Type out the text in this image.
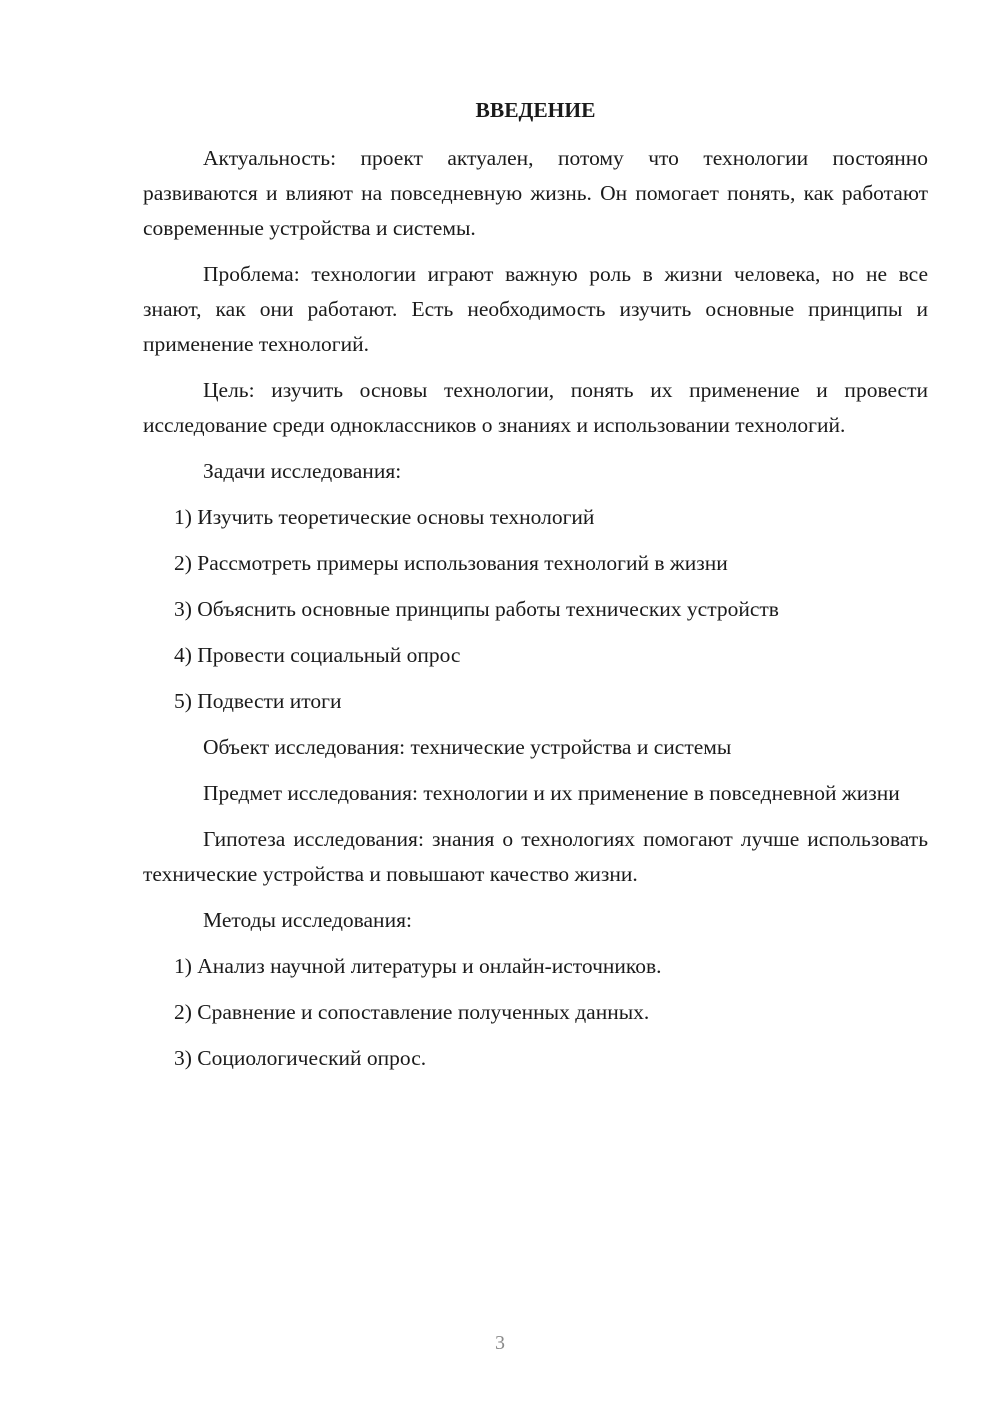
ВВЕДЕНИЕ

Актуальность: проект актуален, потому что технологии постоянно развиваются и влияют на повседневную жизнь. Он помогает понять, как работают современные устройства и системы.

Проблема: технологии играют важную роль в жизни человека, но не все знают, как они работают. Есть необходимость изучить основные принципы и применение технологий.

Цель: изучить основы технологии, понять их применение и провести исследование среди одноклассников о знаниях и использовании технологий.

Задачи исследования:

1) Изучить теоретические основы технологий
2) Рассмотреть примеры использования технологий в жизни
3) Объяснить основные принципы работы технических устройств
4) Провести социальный опрос
5) Подвести итоги

Объект исследования: технические устройства и системы

Предмет исследования: технологии и их применение в повседневной жизни

Гипотеза исследования: знания о технологиях помогают лучше использовать технические устройства и повышают качество жизни.

Методы исследования:

1) Анализ научной литературы и онлайн-источников.
2) Сравнение и сопоставление полученных данных.
3) Социологический опрос.
3
